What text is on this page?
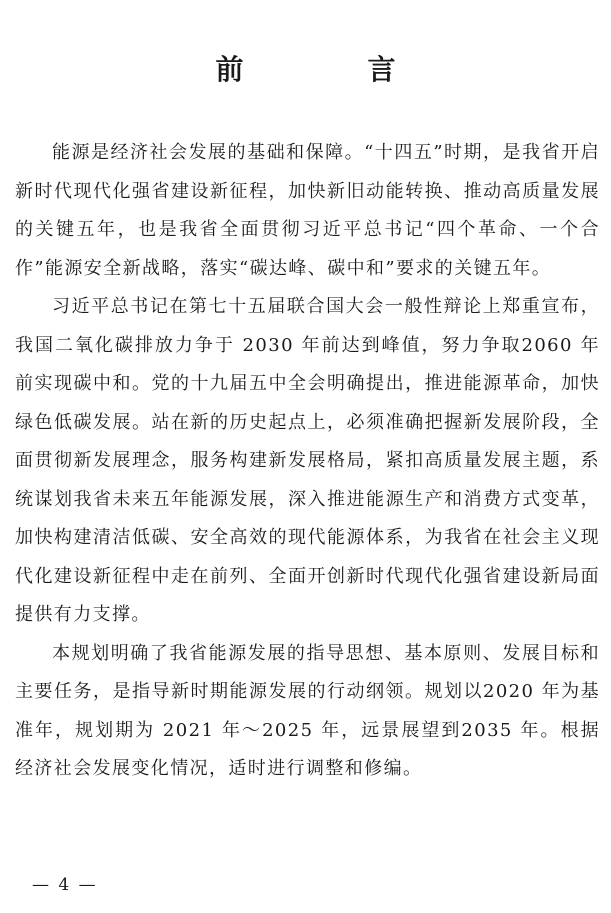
前　言

能源是经济社会发展的基础和保障。“十四五”时期，是我省开启新时代现代化强省建设新征程，加快新旧动能转换、推动高质量发展的关键五年，也是我省全面贯彻习近平总书记“四个革命、一个合作”能源安全新战略，落实“碳达峰、碳中和”要求的关键五年。

习近平总书记在第七十五届联合国大会一般性辩论上郑重宣布，我国二氧化碳排放力争于 2030 年前达到峰值，努力争取2060 年前实现碳中和。党的十九届五中全会明确提出，推进能源革命，加快绿色低碳发展。站在新的历史起点上，必须准确把握新发展阶段，全面贯彻新发展理念，服务构建新发展格局，紧扣高质量发展主题，系统谋划我省未来五年能源发展，深入推进能源生产和消费方式变革，加快构建清洁低碳、安全高效的现代能源体系，为我省在社会主义现代化建设新征程中走在前列、全面开创新时代现代化强省建设新局面提供有力支撑。

本规划明确了我省能源发展的指导思想、基本原则、发展目标和主要任务，是指导新时期能源发展的行动纲领。规划以2020 年为基准年，规划期为 2021 年～2025 年，远景展望到2035 年。根据经济社会发展变化情况，适时进行调整和修编。

— 4 —
